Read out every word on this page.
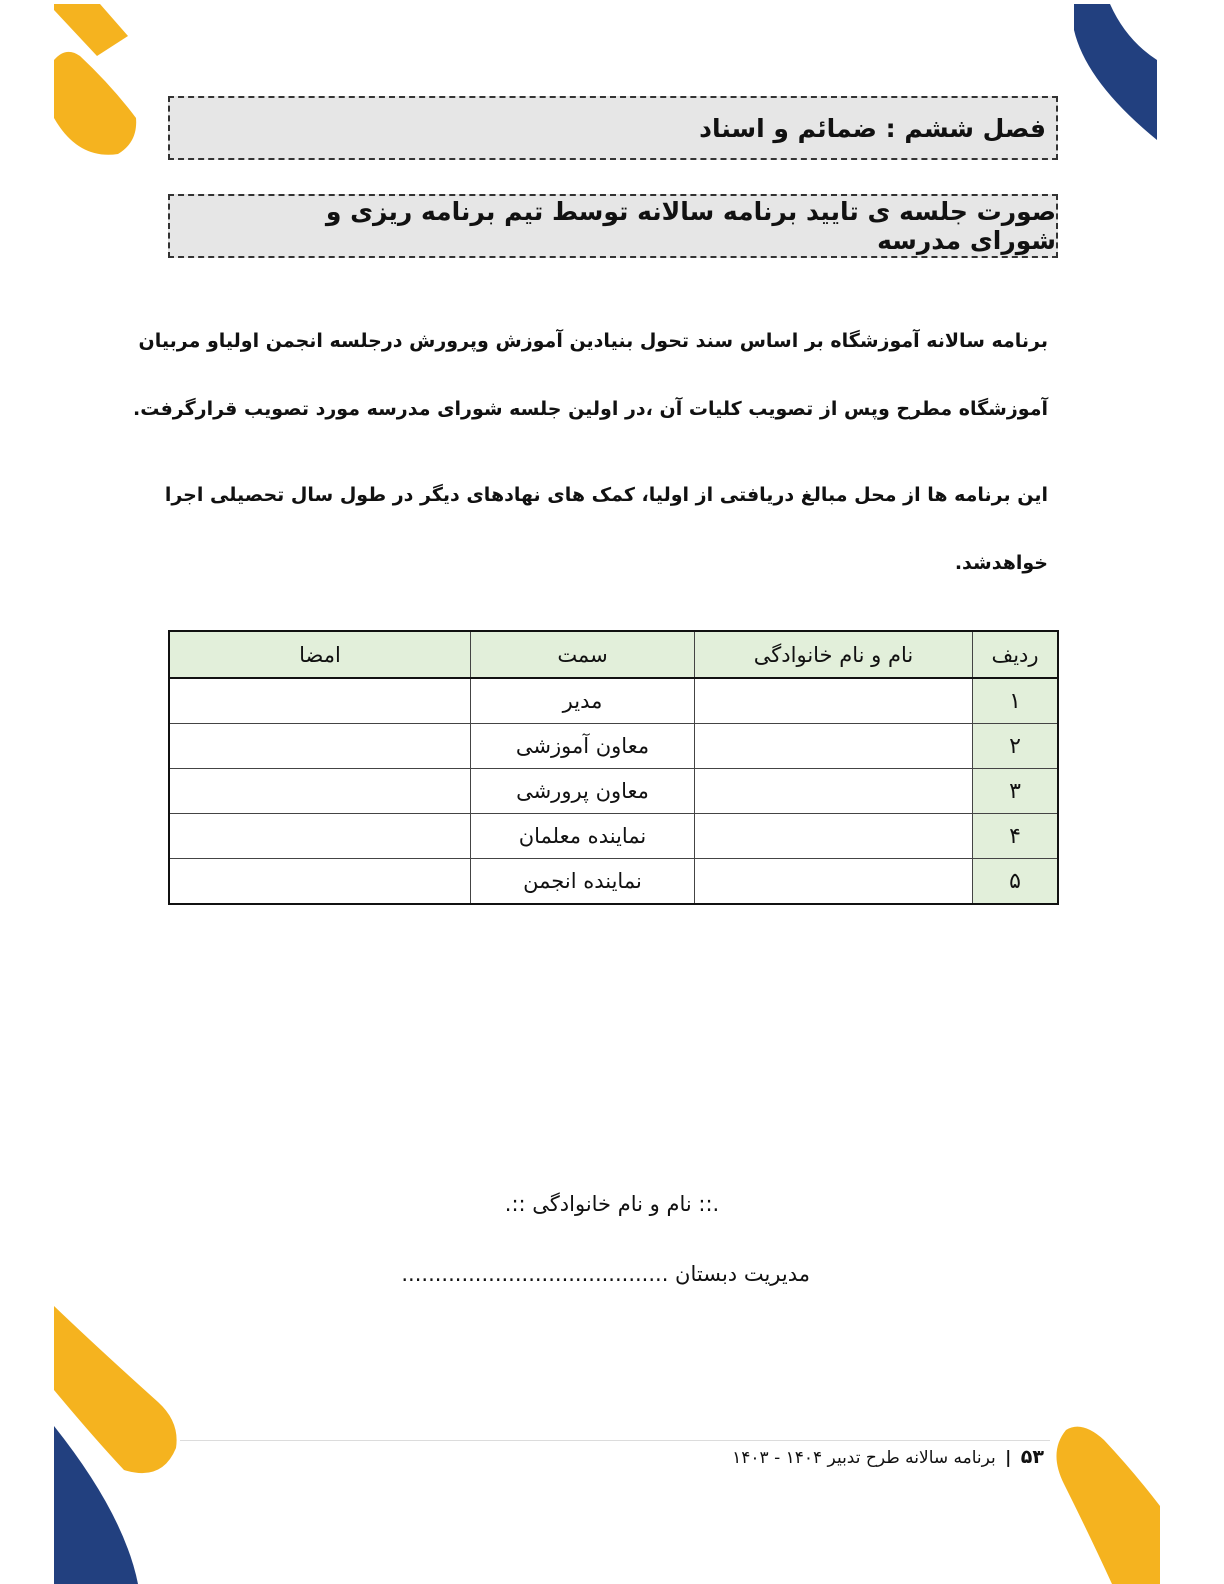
فصل ششم : ضمائم و اسناد
صورت جلسه ی تایید برنامه سالانه توسط تیم برنامه ریزی و شورای مدرسه
برنامه سالانه آموزشگاه بر اساس سند تحول بنیادین آموزش وپرورش درجلسه انجمن اولیاو مربیان
آموزشگاه مطرح وپس از تصویب کلیات آن ،در اولین جلسه شورای مدرسه مورد تصویب قرارگرفت.
این برنامه ها از محل مبالغ دریافتی از اولیا، کمک های نهادهای دیگر در طول سال تحصیلی اجرا
خواهدشد.
ردیف	نام و نام خانوادگی	سمت	امضا
۱		مدیر	
۲		معاون آموزشی	
۳		معاون پرورشی	
۴		نماینده معلمان	
۵		نماینده انجمن	
.:: نام و نام خانوادگی ::.
مدیریت دبستان ........................................
۵۳ | برنامه سالانه طرح تدبیر ۱۴۰۴ - ۱۴۰۳
